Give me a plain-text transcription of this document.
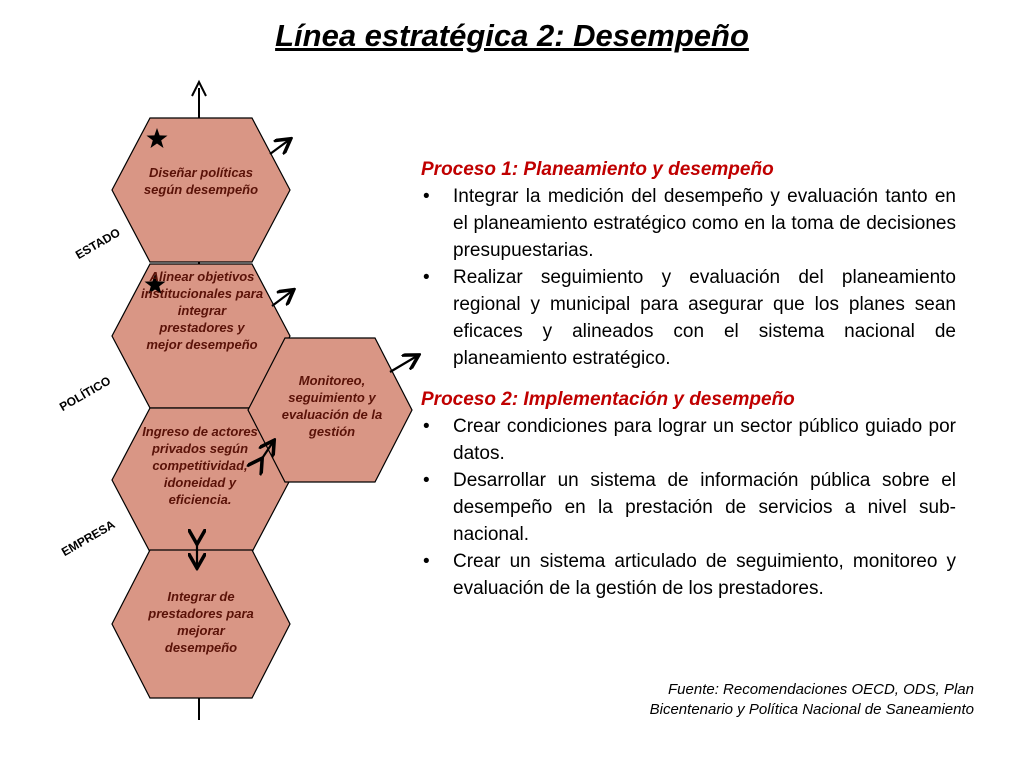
Línea estratégica 2: Desempeño
Diseñar políticas según desempeño
Alinear objetivos institucionales para integrar prestadores y mejor desempeño
Monitoreo, seguimiento y evaluación de la gestión
Ingreso de actores privados según competitividad, idoneidad y eficiencia.
Integrar de prestadores para mejorar desempeño
ESTADO
POLÍTICO
EMPRESA
Proceso 1: Planeamiento y desempeño
• Integrar la medición del desempeño y evaluación tanto en el planeamiento estratégico como en la toma de decisiones presupuestarias.
• Realizar seguimiento y evaluación del planeamiento regional y municipal para asegurar que los planes sean eficaces y alineados con el sistema nacional de planeamiento estratégico.
Proceso 2: Implementación y desempeño
• Crear condiciones para lograr un sector público guiado por datos.
• Desarrollar un sistema de información pública sobre el desempeño en la prestación de servicios a nivel sub-nacional.
• Crear un sistema articulado de seguimiento, monitoreo y evaluación de la gestión de los prestadores.
Fuente: Recomendaciones OECD, ODS, Plan
Bicentenario y Política Nacional de Saneamiento
